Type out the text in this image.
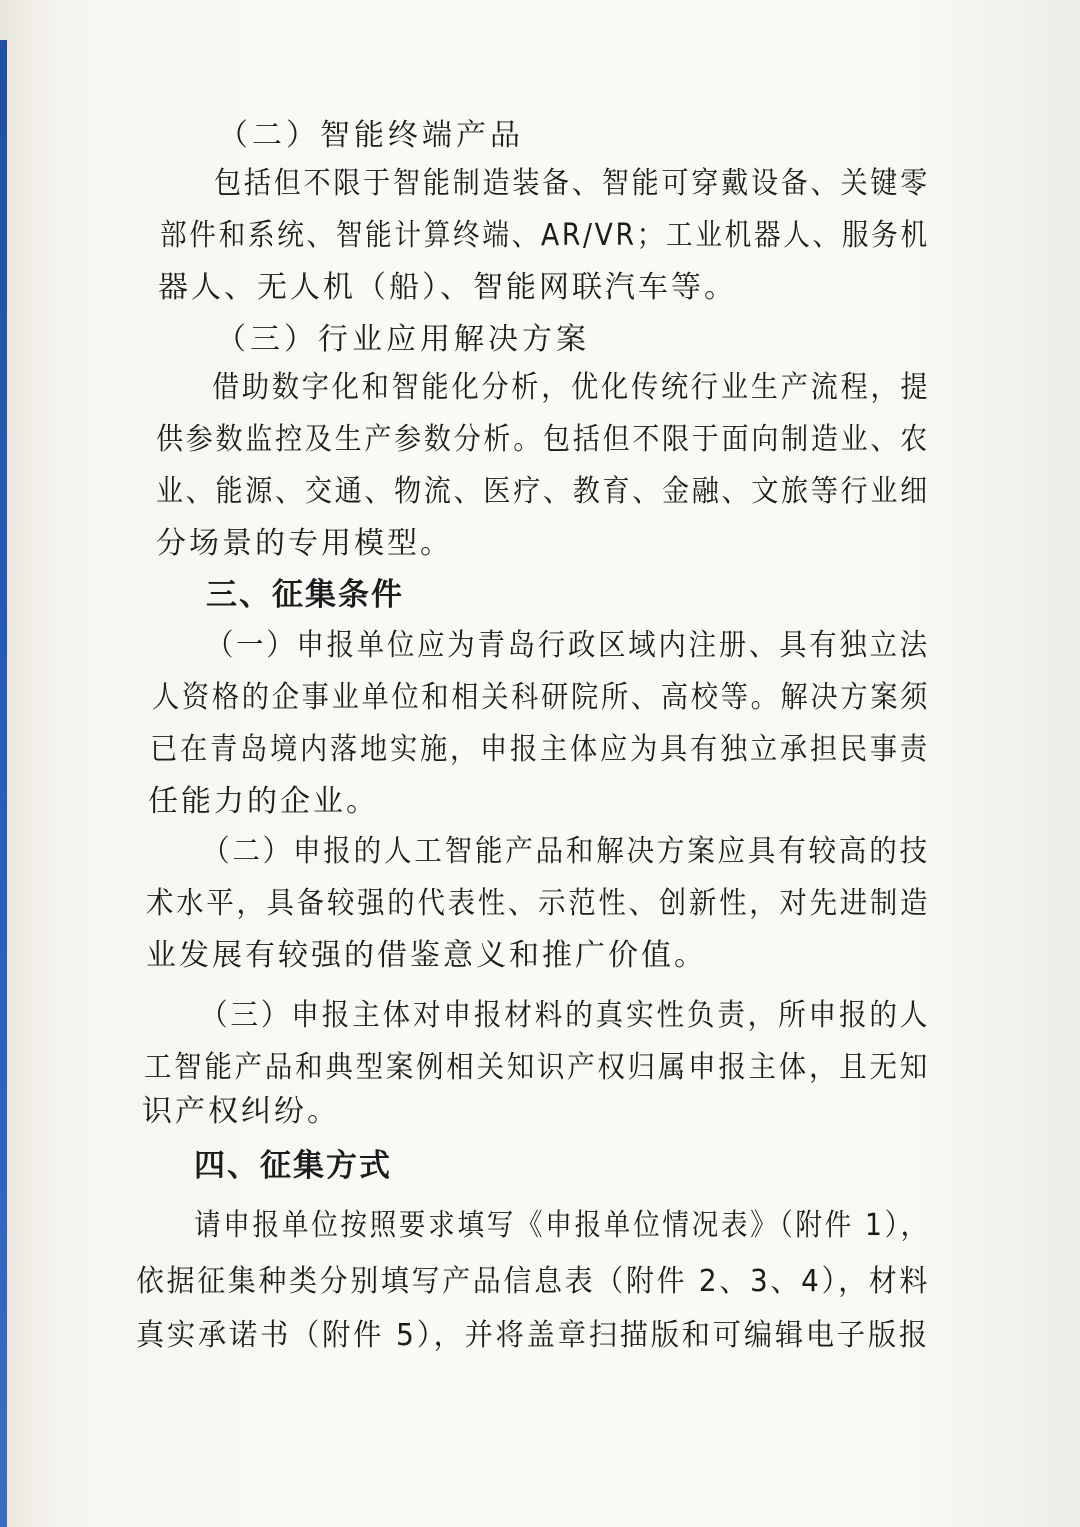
（二）智能终端产品

包括但不限于智能制造装备、智能可穿戴设备、关键零

部件和系统、智能计算终端、AR/VR；工业机器人、服务机

器人、无人机（船）、智能网联汽车等。

（三）行业应用解决方案

借助数字化和智能化分析，优化传统行业生产流程，提

供参数监控及生产参数分析。包括但不限于面向制造业、农

业、能源、交通、物流、医疗、教育、金融、文旅等行业细

分场景的专用模型。

三、征集条件

（一）申报单位应为青岛行政区域内注册、具有独立法

人资格的企事业单位和相关科研院所、高校等。解决方案须

已在青岛境内落地实施，申报主体应为具有独立承担民事责

任能力的企业。

（二）申报的人工智能产品和解决方案应具有较高的技

术水平，具备较强的代表性、示范性、创新性，对先进制造

业发展有较强的借鉴意义和推广价值。

（三）申报主体对申报材料的真实性负责，所申报的人

工智能产品和典型案例相关知识产权归属申报主体，且无知

识产权纠纷。

四、征集方式

请申报单位按照要求填写《申报单位情况表》（附件 1），

依据征集种类分别填写产品信息表（附件 2、3、4），材料

真实承诺书（附件 5），并将盖章扫描版和可编辑电子版报
